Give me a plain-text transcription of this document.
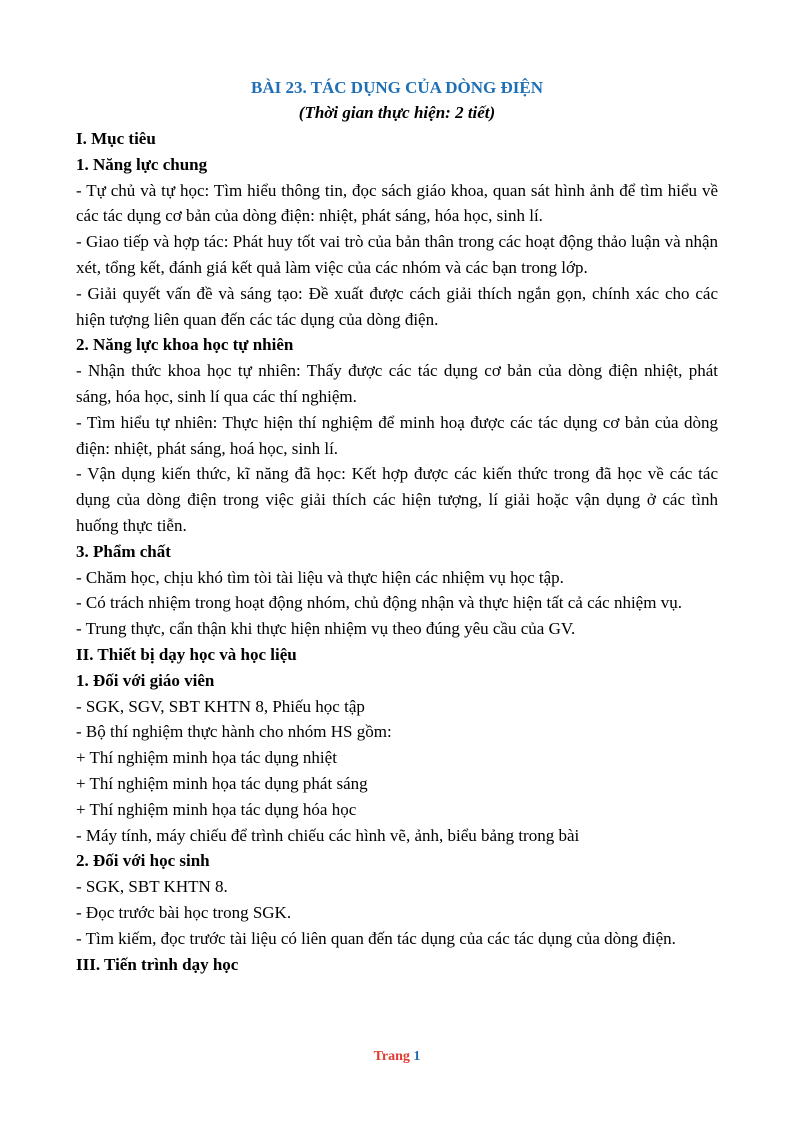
BÀI 23. TÁC DỤNG CỦA DÒNG ĐIỆN
(Thời gian thực hiện: 2 tiết)

I. Mục tiêu

1. Năng lực chung

- Tự chủ và tự học: Tìm hiểu thông tin, đọc sách giáo khoa, quan sát hình ảnh để tìm hiểu về các tác dụng cơ bản của dòng điện: nhiệt, phát sáng, hóa học, sinh lí.

- Giao tiếp và hợp tác: Phát huy tốt vai trò của bản thân trong các hoạt động thảo luận và nhận xét, tổng kết, đánh giá kết quả làm việc của các nhóm và các bạn trong lớp.

- Giải quyết vấn đề và sáng tạo: Đề xuất được cách giải thích ngắn gọn, chính xác cho các hiện tượng liên quan đến các tác dụng của dòng điện.

2. Năng lực khoa học tự nhiên

- Nhận thức khoa học tự nhiên: Thấy được các tác dụng cơ bản của dòng điện nhiệt, phát sáng, hóa học, sinh lí qua các thí nghiệm.

- Tìm hiểu tự nhiên: Thực hiện thí nghiệm để minh hoạ được các tác dụng cơ bản của dòng điện: nhiệt, phát sáng, hoá học, sinh lí.

- Vận dụng kiến thức, kĩ năng đã học: Kết hợp được các kiến thức trong đã học về các tác dụng của dòng điện trong việc giải thích các hiện tượng, lí giải hoặc vận dụng ở các tình huống thực tiễn.

3. Phẩm chất

- Chăm học, chịu khó tìm tòi tài liệu và thực hiện các nhiệm vụ học tập.

- Có trách nhiệm trong hoạt động nhóm, chủ động nhận và thực hiện tất cả các nhiệm vụ.

- Trung thực, cẩn thận khi thực hiện nhiệm vụ theo đúng yêu cầu của GV.

II. Thiết bị dạy học và học liệu

1. Đối với giáo viên

- SGK, SGV, SBT KHTN 8, Phiếu học tập

- Bộ thí nghiệm thực hành cho nhóm HS gồm:

+ Thí nghiệm minh họa tác dụng nhiệt

+ Thí nghiệm minh họa tác dụng phát sáng

+ Thí nghiệm minh họa tác dụng hóa học

- Máy tính, máy chiếu để trình chiếu các hình vẽ, ảnh, biểu bảng trong bài

2. Đối với học sinh

- SGK, SBT KHTN 8.

- Đọc trước bài học trong SGK.

- Tìm kiếm, đọc trước tài liệu có liên quan đến tác dụng của các tác dụng của dòng điện.

III. Tiến trình dạy học

Trang 1
